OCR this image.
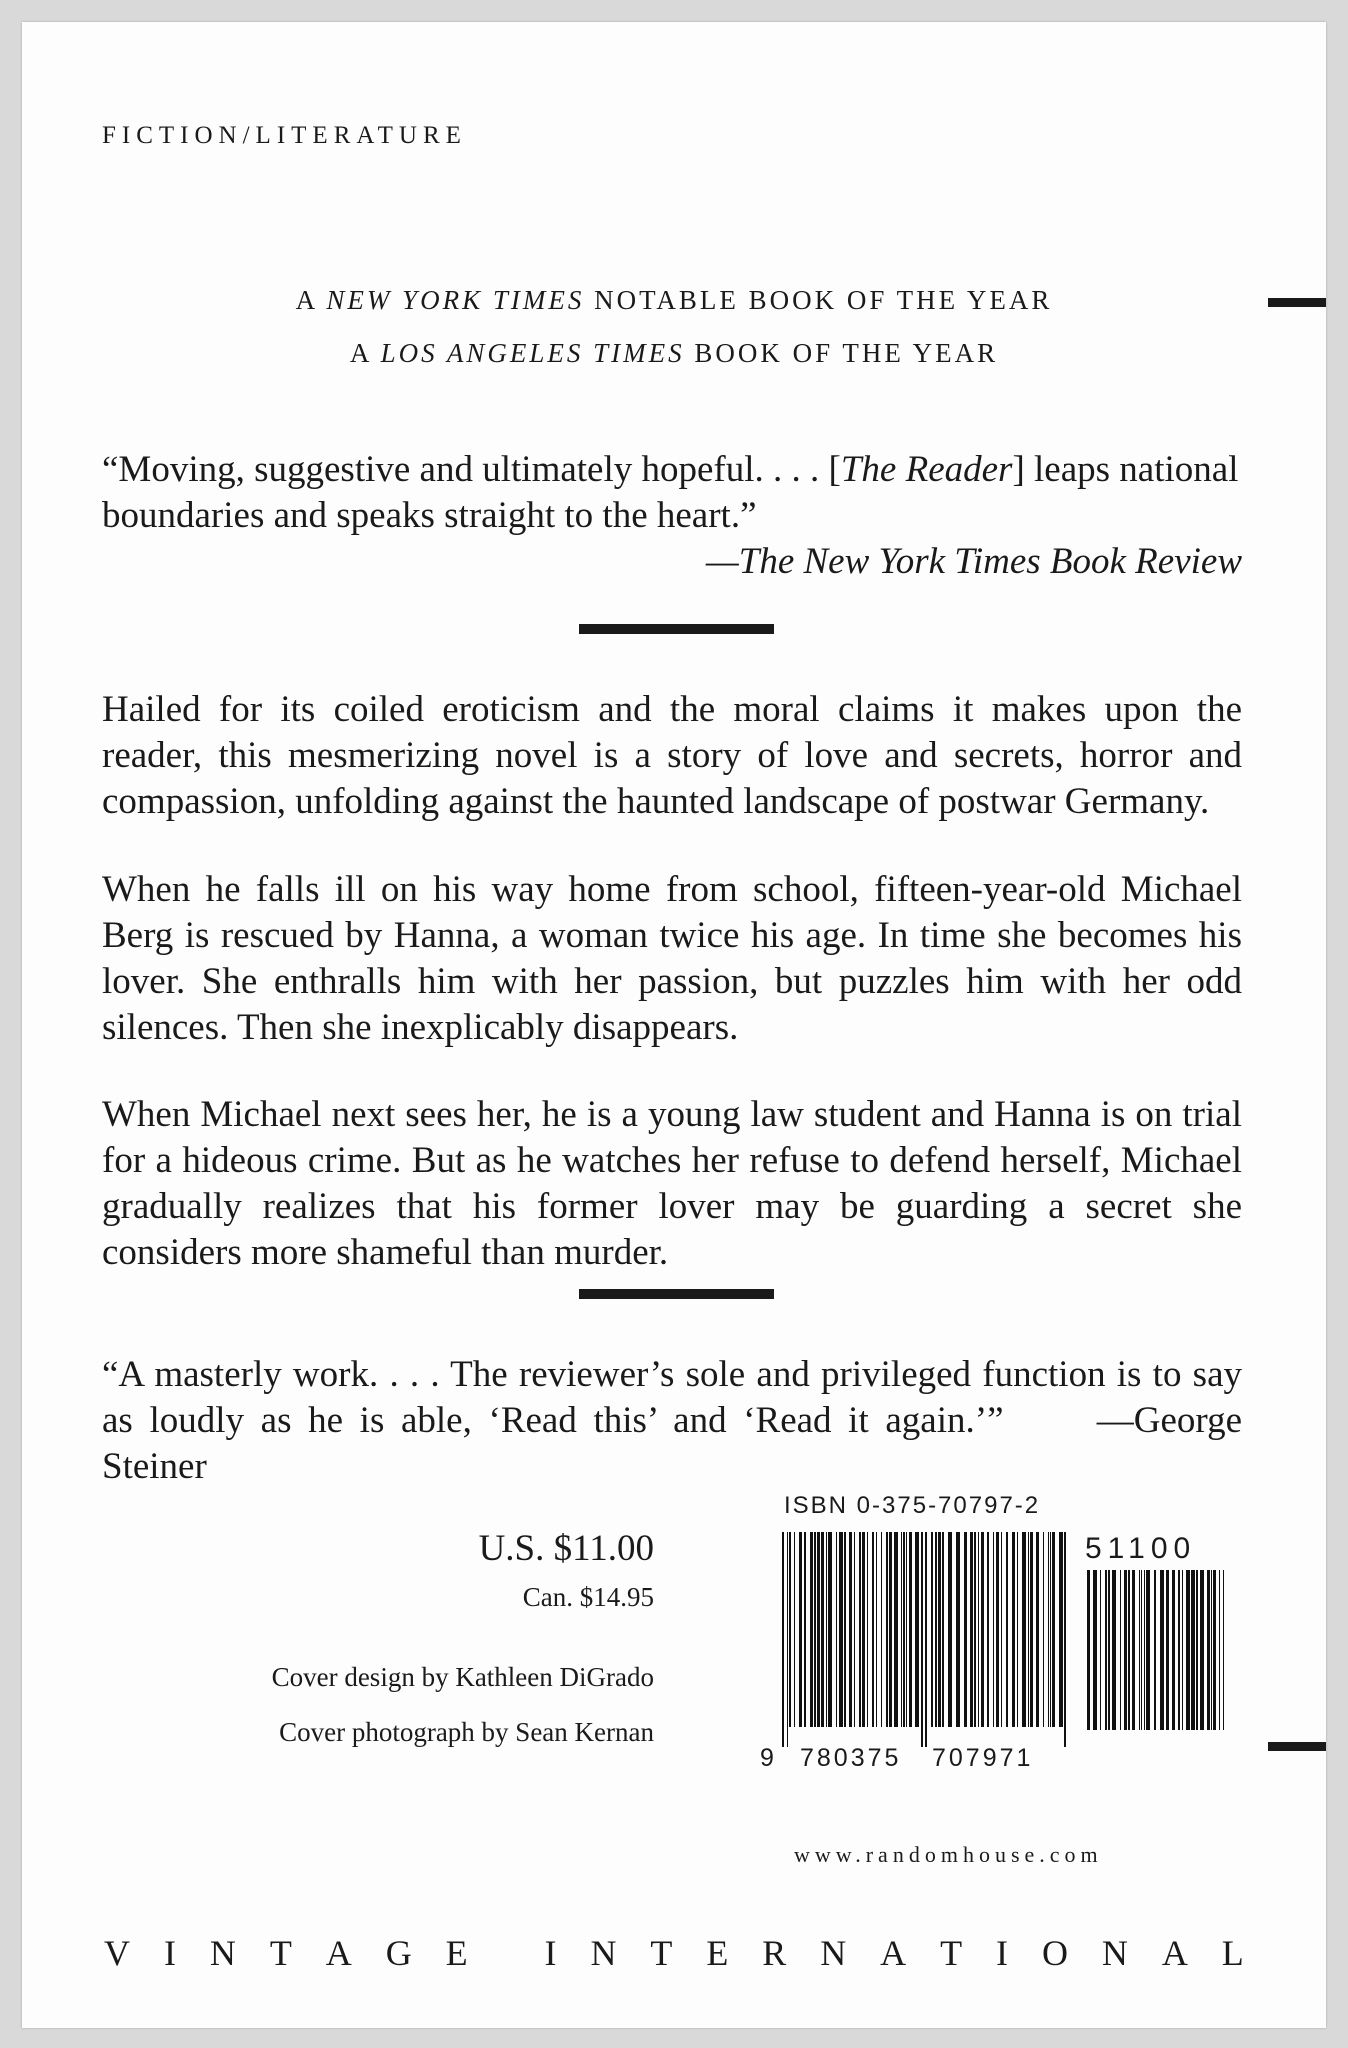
FICTION/LITERATURE
A NEW YORK TIMES NOTABLE BOOK OF THE YEAR
A LOS ANGELES TIMES BOOK OF THE YEAR
“Moving, suggestive and ultimately hopeful. . . . [The Reader] leaps national boundaries and speaks straight to the heart.”
—The New York Times Book Review
Hailed for its coiled eroticism and the moral claims it makes upon the reader, this mesmerizing novel is a story of love and secrets, horror and compassion, unfolding against the haunted landscape of postwar Germany.
When he falls ill on his way home from school, fifteen-year-old Michael Berg is rescued by Hanna, a woman twice his age. In time she becomes his lover. She enthralls him with her passion, but puzzles him with her odd silences. Then she inexplicably disappears.
When Michael next sees her, he is a young law student and Hanna is on trial for a hideous crime. But as he watches her refuse to defend herself, Michael gradually realizes that his former lover may be guarding a secret she considers more shameful than murder.
“A masterly work. . . . The reviewer’s sole and privileged function is to say as loudly as he is able, ‘Read this’ and ‘Read it again.’”	—George Steiner
U.S. $11.00
Can. $14.95
Cover design by Kathleen DiGrado
Cover photograph by Sean Kernan
ISBN 0-375-70797-2
9 780375 707971
51100
www.randomhouse.com
V I N T A G E
I N T E R N A T I O N A L
